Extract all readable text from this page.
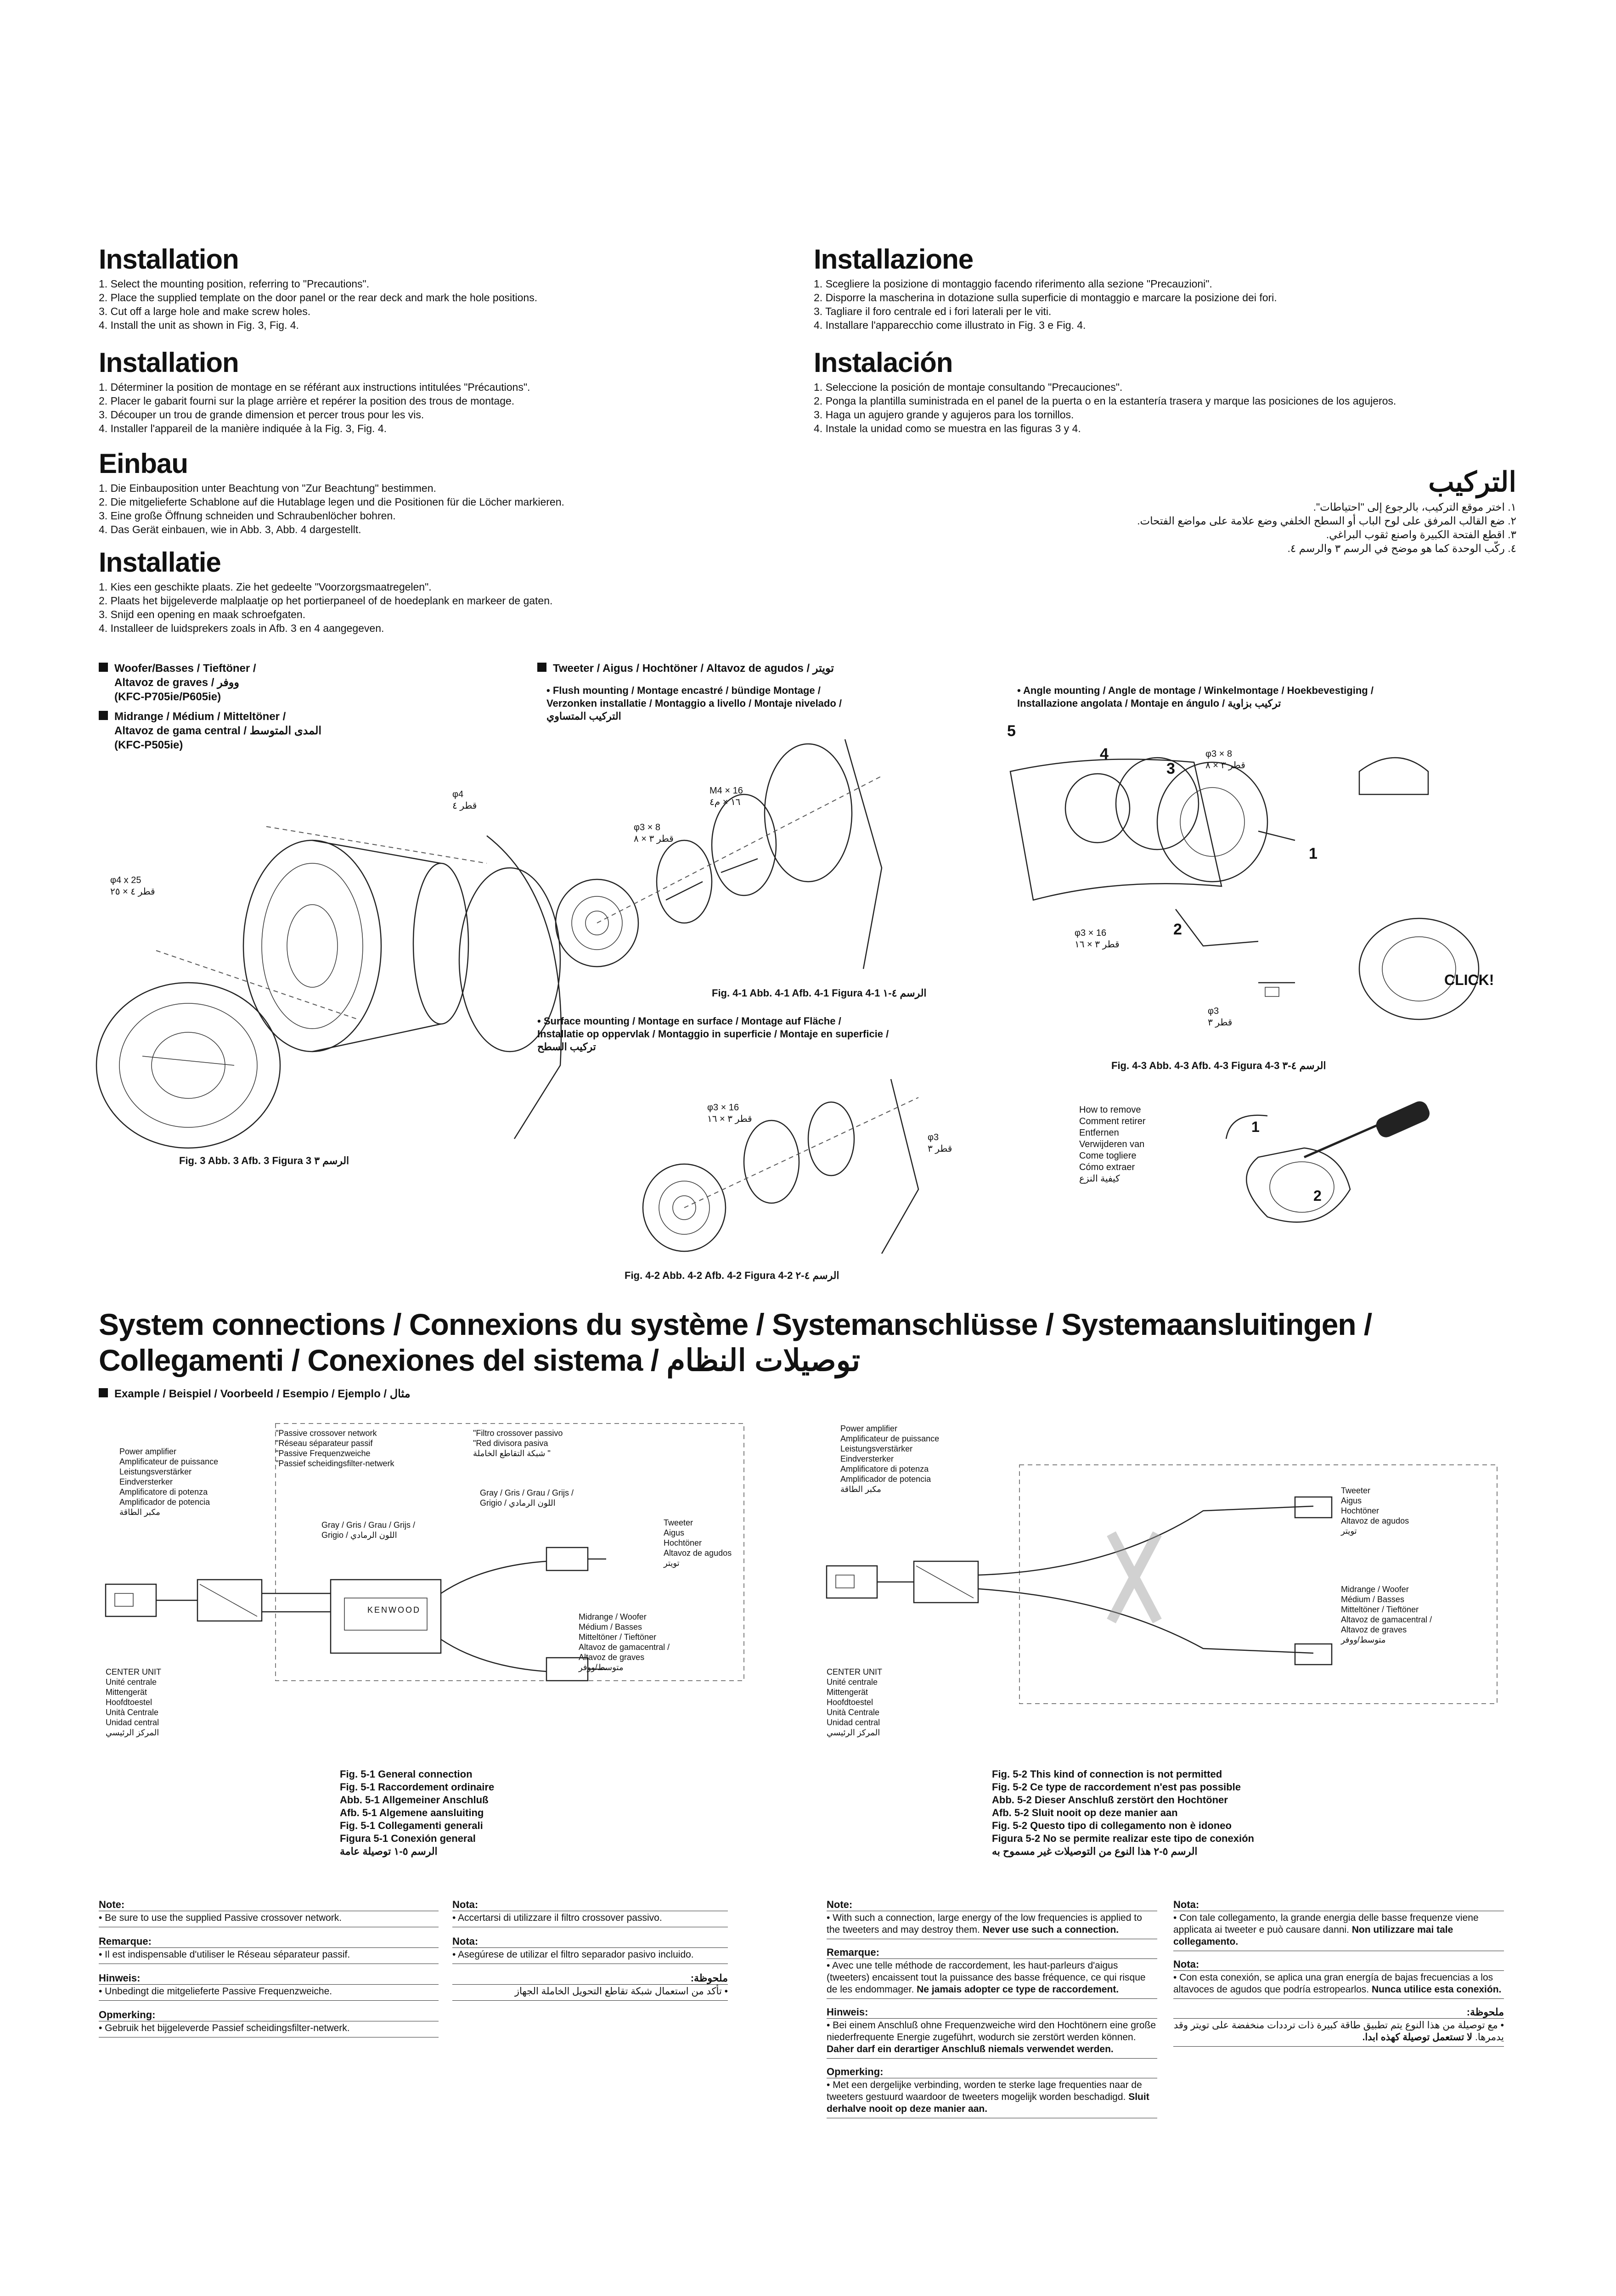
Installation
1. Select the mounting position, referring to "Precautions".
2. Place the supplied template on the door panel or the rear deck and mark the hole positions.
3. Cut off a large hole and make screw holes.
4. Install the unit as shown in Fig. 3, Fig. 4.
Installation
1. Déterminer la position de montage en se référant aux instructions intitulées "Précautions".
2. Placer le gabarit fourni sur la plage arrière et repérer la position des trous de montage.
3. Découper un trou de grande dimension et percer trous pour les vis.
4. Installer l'appareil de la manière indiquée à la Fig. 3, Fig. 4.
Einbau
1. Die Einbauposition unter Beachtung von "Zur Beachtung" bestimmen.
2. Die mitgelieferte Schablone auf die Hutablage legen und die Positionen für die Löcher markieren.
3. Eine große Öffnung schneiden und Schraubenlöcher bohren.
4. Das Gerät einbauen, wie in Abb. 3, Abb. 4 dargestellt.
Installatie
1. Kies een geschikte plaats. Zie het gedeelte "Voorzorgsmaatregelen".
2. Plaats het bijgeleverde malplaatje op het portierpaneel of de hoedeplank en markeer de gaten.
3. Snijd een opening en maak schroefgaten.
4. Installeer de luidsprekers zoals in Afb. 3 en 4 aangegeven.
Installazione
1. Scegliere la posizione di montaggio facendo riferimento alla sezione "Precauzioni".
2. Disporre la mascherina in dotazione sulla superficie di montaggio e marcare la posizione dei fori.
3. Tagliare il foro centrale ed i fori laterali per le viti.
4. Installare l'apparecchio come illustrato in Fig. 3 e Fig. 4.
Instalación
1. Seleccione la posición de montaje consultando "Precauciones".
2. Ponga la plantilla suministrada en el panel de la puerta o en la estantería trasera y marque las posiciones de los agujeros.
3. Haga un agujero grande y agujeros para los tornillos.
4. Instale la unidad como se muestra en las figuras 3 y 4.
التركيب
١. اختر موقع التركيب، بالرجوع إلى "احتياطات".
٢. ضع القالب المرفق على لوح الباب أو السطح الخلفي وضع علامة على مواضع الفتحات.
٣. اقطع الفتحة الكبيرة واصنع ثقوب البراغي.
٤. ركّب الوحدة كما هو موضح في الرسم ٣ والرسم ٤.
Woofer/Basses / Tieftöner /
Altavoz de graves / ووفر
(KFC-P705ie/P605ie)
Midrange / Médium / Mitteltöner /
Altavoz de gama central / المدى المتوسط
(KFC-P505ie)
φ4
قطر ٤
φ4 x 25
قطر ٤ × ٢٥
Fig. 3 Abb. 3 Afb. 3 Figura 3 الرسم ٣
Tweeter / Aigus / Hochtöner / Altavoz de agudos / تويتر
• Flush mounting / Montage encastré / bündige Montage /
Verzonken installatie / Montaggio a livello / Montaje nivelado /
التركيب المتساوي
• Angle mounting / Angle de montage / Winkelmontage / Hoekbevestiging /
Installazione angolata / Montaje en ángulo / تركيب بزاوية
M4 × 16
١٦ × م٤
φ3 × 8
قطر ٣ × ٨
Fig. 4-1 Abb. 4-1 Afb. 4-1 Figura 4-1 الرسم ٤-١
5
4
3
1
2
φ3 × 8
قطر ٣ × ٨
φ3 × 16
قطر ٣ × ١٦
φ3
قطر ٣
CLICK!
Fig. 4-3 Abb. 4-3 Afb. 4-3 Figura 4-3 الرسم ٤-٣
• Surface mounting / Montage en surface / Montage auf Fläche /
Installatie op oppervlak / Montaggio in superficie / Montaje en superficie /
تركيب السطح
φ3 × 16
قطر ٣ × ١٦
φ3
قطر ٣
Fig. 4-2 Abb. 4-2 Afb. 4-2 Figura 4-2 الرسم ٤-٢
How to remove
Comment retirer
Entfernen
Verwijderen van
Come togliere
Cómo extraer
كيفية النزع
1
2
System connections / Connexions du système / Systemanschlüsse / Systemaansluitingen /
Collegamenti / Conexiones del sistema / توصيلات النظام
Example / Beispiel / Voorbeeld / Esempio / Ejemplo / مثال
Power amplifier
Amplificateur de puissance
Leistungsverstärker
Eindversterker
Amplificatore di potenza
Amplificador de potencia
مكبر الطاقة
"Passive crossover network
"Réseau séparateur passif
"Passive Frequenzweiche
"Passief scheidingsfilter-netwerk
"Filtro crossover passivo
"Red divisora pasiva
شبكة التقاطع الخاملة "
Gray / Gris / Grau / Grijs /
Grigio / اللون الرمادي
Gray / Gris / Grau / Grijs /
Grigio / اللون الرمادي
Tweeter
Aigus
Hochtöner
Altavoz de agudos
تويتر
Midrange / Woofer
Médium / Basses
Mitteltöner / Tieftöner
Altavoz de gamacentral /
Altavoz de graves
متوسط/ووفر
KENWOOD
CENTER UNIT
Unité centrale
Mittengerät
Hoofdtoestel
Unità Centrale
Unidad central
المركز الرئيسي
Fig. 5-1 General connection
Fig. 5-1 Raccordement ordinaire
Abb. 5-1 Allgemeiner Anschluß
Afb. 5-1 Algemene aansluiting
Fig. 5-1 Collegamenti generali
Figura 5-1 Conexión general
الرسم ٥-١ توصيلة عامة
Power amplifier
Amplificateur de puissance
Leistungsverstärker
Eindversterker
Amplificatore di potenza
Amplificador de potencia
مكبر الطاقة	Tweeter
Aigus
Hochtöner
Altavoz de agudos
تويتر
Midrange / Woofer
Médium / Basses
Mitteltöner / Tieftöner
Altavoz de gamacentral /
Altavoz de graves
متوسط/ووفر
CENTER UNIT
Unité centrale
Mittengerät
Hoofdtoestel
Unità Centrale
Unidad central
المركز الرئيسي
Fig. 5-2 This kind of connection is not permitted
Fig. 5-2 Ce type de raccordement n'est pas possible
Abb. 5-2 Dieser Anschluß zerstört den Hochtöner
Afb. 5-2 Sluit nooit op deze manier aan
Fig. 5-2 Questo tipo di collegamento non è idoneo
Figura 5-2 No se permite realizar este tipo de conexión
الرسم ٥-٢ هذا النوع من التوصيلات غير مسموح به
Note:
• Be sure to use the supplied Passive crossover network.
Remarque:
• Il est indispensable d'utiliser le Réseau séparateur passif.
Hinweis:
• Unbedingt die mitgelieferte Passive Frequenzweiche.
Opmerking:
• Gebruik het bijgeleverde Passief scheidingsfilter-netwerk.
Nota:
• Accertarsi di utilizzare il filtro crossover passivo.
Nota:
• Asegúrese de utilizar el filtro separador pasivo incluido.
ملحوظة:
• تأكد من استعمال شبكة تقاطع التحويل الخاملة الجهاز
Note:
• With such a connection, large energy of the low frequencies is applied to the tweeters and may destroy them. Never use such a connection.
Remarque:
• Avec une telle méthode de raccordement, les haut-parleurs d'aigus (tweeters) encaissent tout la puissance des basse fréquence, ce qui risque de les endommager. Ne jamais adopter ce type de raccordement.
Hinweis:
• Bei einem Anschluß ohne Frequenzweiche wird den Hochtönern eine große niederfrequente Energie zugeführt, wodurch sie zerstört werden können. Daher darf ein derartiger Anschluß niemals verwendet werden.
Opmerking:
• Met een dergelijke verbinding, worden te sterke lage frequenties naar de tweeters gestuurd waardoor de tweeters mogelijk worden beschadigd. Sluit derhalve nooit op deze manier aan.
Nota:
• Con tale collegamento, la grande energia delle basse frequenze viene applicata ai tweeter e può causare danni. Non utilizzare mai tale collegamento.
Nota:
• Con esta conexión, se aplica una gran energía de bajas frecuencias a los altavoces de agudos que podría estropearlos. Nunca utilice esta conexión.
ملحوظة:
• مع توصيلة من هذا النوع يتم تطبيق طاقة كبيرة ذات ترددات منخفضة على تويتر وقد يدمرها. لا تستعمل توصيلة كهذه ابدا.
